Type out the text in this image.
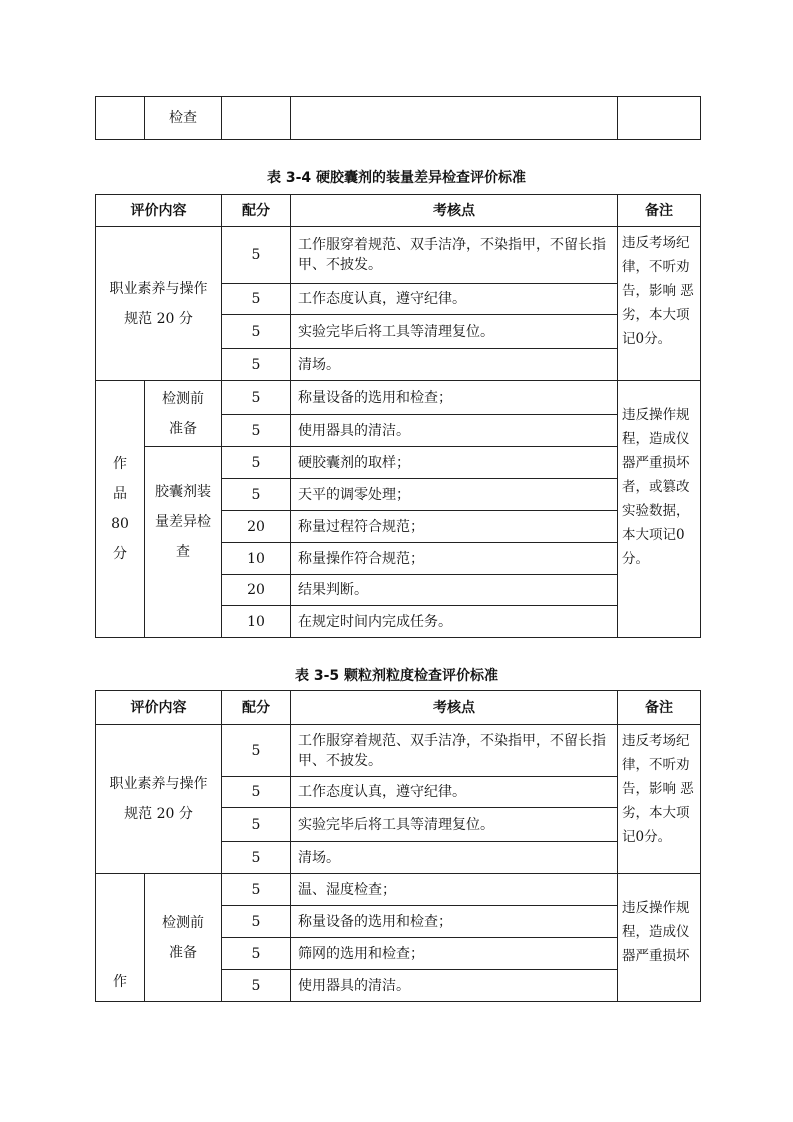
	检查			
表 3-4 硬胶囊剂的装量差异检查评价标准
评价内容		配分	考核点	备注
职业素养与操作规范 20 分		5	工作服穿着规范、双手洁净，不染指甲，不留长指甲、不披发。	违反考场纪律，不听劝告，影响 恶劣，本大项记0分。
		5	工作态度认真，遵守纪律。	
		5	实验完毕后将工具等清理复位。	
		5	清场。	
作品80分	检测前准备	5	称量设备的选用和检查；	违反操作规程，造成仪器严重损坏者，或篡改实验数据，本大项记0分。
		5	使用器具的清洁。	
	胶囊剂装量差异检查	5	硬胶囊剂的取样；	
		5	天平的调零处理；	
		20	称量过程符合规范；	
		10	称量操作符合规范；	
		20	结果判断。	
		10	在规定时间内完成任务。	
表 3-5 颗粒剂粒度检查评价标准
评价内容		配分	考核点	备注
职业素养与操作规范 20 分		5	工作服穿着规范、双手洁净，不染指甲，不留长指甲、不披发。	违反考场纪律，不听劝告，影响 恶劣，本大项记0分。
		5	工作态度认真，遵守纪律。	
		5	实验完毕后将工具等清理复位。	
		5	清场。	
作	检测前准备	5	温、湿度检查；	违反操作规程，造成仪器严重损坏
		5	称量设备的选用和检查；	
		5	筛网的选用和检查；	
		5	使用器具的清洁。	
